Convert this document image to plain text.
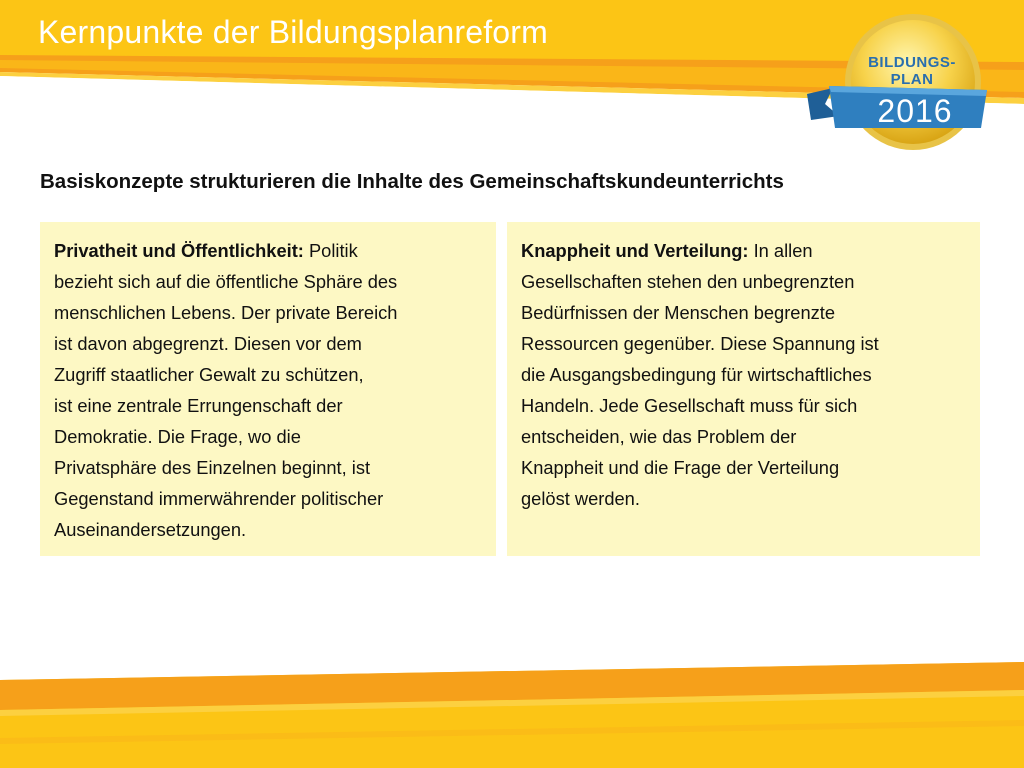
Kernpunkte der Bildungsplanreform
BILDUNGS-
PLAN
2016
Basiskonzepte strukturieren die Inhalte des Gemeinschaftskundeunterrichts
Privatheit und Öffentlichkeit: Politik
bezieht sich auf die öffentliche Sphäre des
menschlichen Lebens. Der private Bereich
ist davon abgegrenzt. Diesen vor dem
Zugriff staatlicher Gewalt zu schützen,
ist eine zentrale Errungenschaft der
Demokratie. Die Frage, wo die
Privatsphäre des Einzelnen beginnt, ist
Gegenstand immerwährender politischer
Auseinandersetzungen.
Knappheit und Verteilung: In allen
Gesellschaften stehen den unbegrenzten
Bedürfnissen der Menschen begrenzte
Ressourcen gegenüber. Diese Spannung ist
die Ausgangsbedingung für wirtschaftliches
Handeln. Jede Gesellschaft muss für sich
entscheiden, wie das Problem der
Knappheit und die Frage der Verteilung
gelöst werden.
